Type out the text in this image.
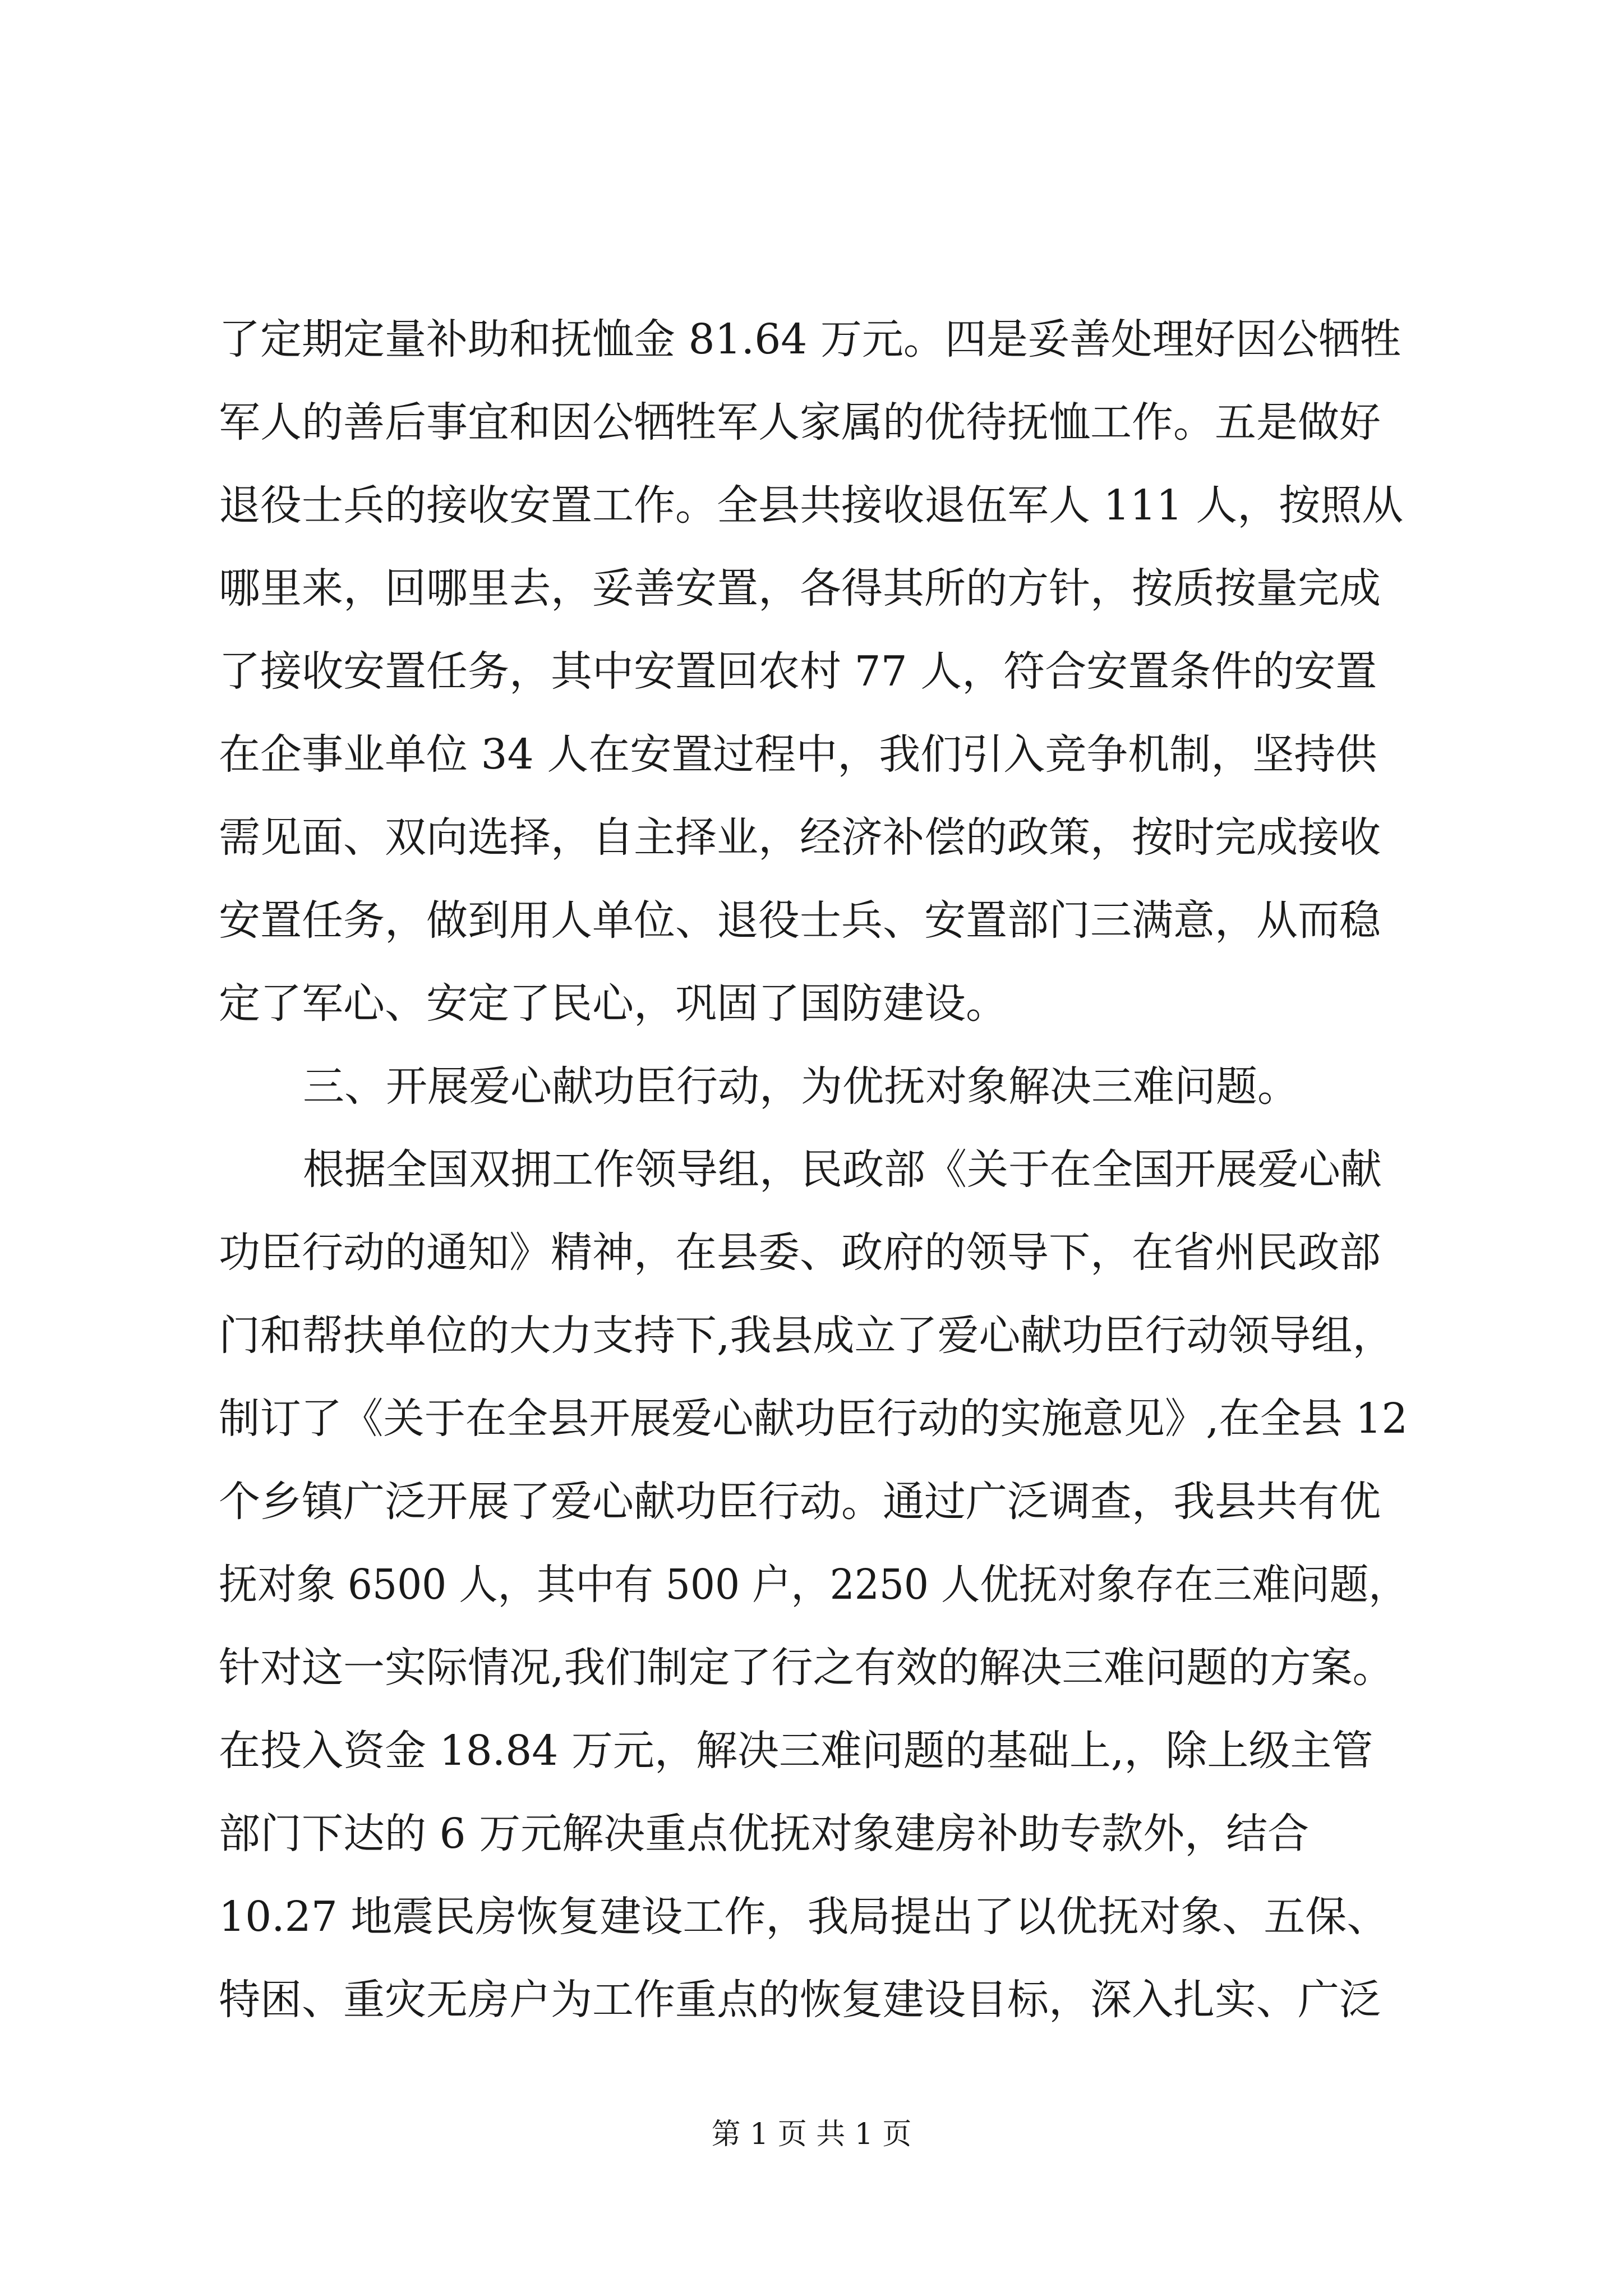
了定期定量补助和抚恤金 81.64 万元。四是妥善处理好因公牺牲
军人的善后事宜和因公牺牲军人家属的优待抚恤工作。五是做好
退役士兵的接收安置工作。全县共接收退伍军人 111 人，按照从
哪里来，回哪里去，妥善安置，各得其所的方针，按质按量完成
了接收安置任务，其中安置回农村 77 人，符合安置条件的安置
在企事业单位 34 人在安置过程中，我们引入竞争机制，坚持供
需见面、双向选择，自主择业，经济补偿的政策，按时完成接收
安置任务，做到用人单位、退役士兵、安置部门三满意，从而稳
定了军心、安定了民心，巩固了国防建设。
三、开展爱心献功臣行动，为优抚对象解决三难问题。
根据全国双拥工作领导组，民政部《关于在全国开展爱心献
功臣行动的通知》精神，在县委、政府的领导下，在省州民政部
门和帮扶单位的大力支持下,我县成立了爱心献功臣行动领导组，
制订了《关于在全县开展爱心献功臣行动的实施意见》,在全县 12
个乡镇广泛开展了爱心献功臣行动。通过广泛调查，我县共有优
抚对象 6500 人，其中有 500 户，2250 人优抚对象存在三难问题，
针对这一实际情况,我们制定了行之有效的解决三难问题的方案。
在投入资金 18.84 万元，解决三难问题的基础上,，除上级主管
部门下达的 6 万元解决重点优抚对象建房补助专款外，结合
10.27 地震民房恢复建设工作，我局提出了以优抚对象、五保、
特困、重灾无房户为工作重点的恢复建设目标，深入扎实、广泛
第 1 页 共 1 页
